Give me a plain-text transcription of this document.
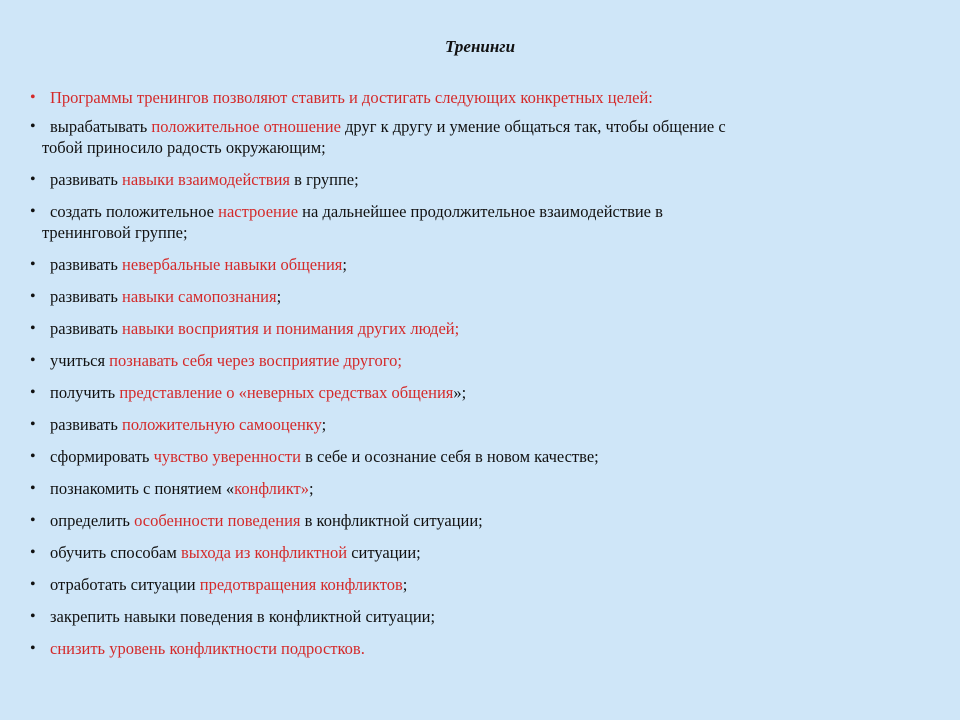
Тренинги
• Программы тренингов позволяют ставить и достигать следующих конкретных целей:
• вырабатывать положительное отношение друг к другу и умение общаться так, чтобы общение с
тобой приносило радость окружающим;
• развивать навыки взаимодействия в группе;
• создать положительное настроение на дальнейшее продолжительное взаимодействие в
тренинговой группе;
• развивать невербальные навыки общения;
• развивать навыки самопознания;
• развивать навыки восприятия и понимания других людей;
• учиться познавать себя через восприятие другого;
• получить представление о «неверных средствах общения»;
• развивать положительную самооценку;
• сформировать чувство уверенности в себе и осознание себя в новом качестве;
• познакомить с понятием «конфликт»;
• определить особенности поведения в конфликтной ситуации;
• обучить способам выхода из конфликтной ситуации;
• отработать ситуации предотвращения конфликтов;
• закрепить навыки поведения в конфликтной ситуации;
• снизить уровень конфликтности подростков.
